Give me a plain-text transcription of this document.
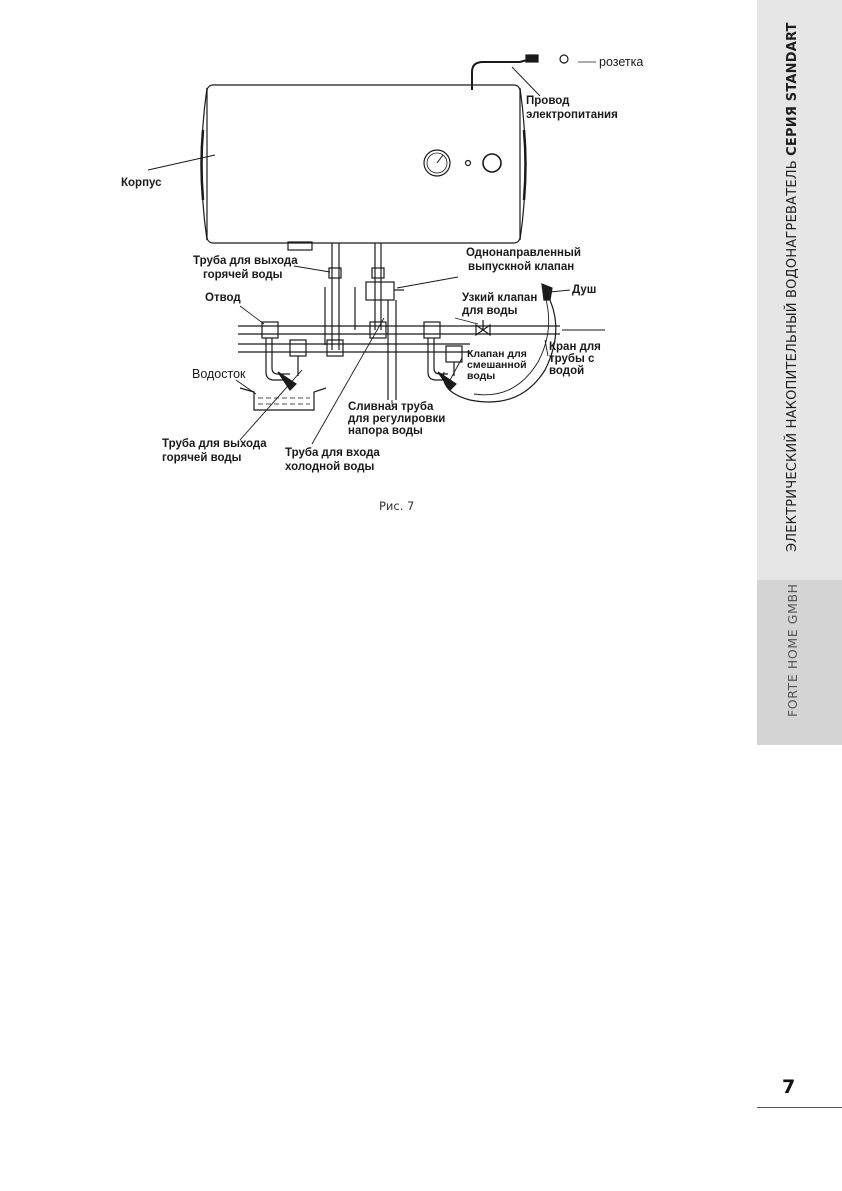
розетка
Провод электропитания
Корпус
Труба для выхода горячей воды
Однонаправленный выпускной клапан
Отвод	Узкий клапан для воды
Душ
Клапан для смешанной воды
Кран для трубы с водой
Водосток
Сливная труба для регулировки напора воды
Труба для выхода горячей воды	Труба для входа холодной воды
Рис. 7	ЭЛЕКТРИЧЕСКИЙ НАКОПИТЕЛЬНЫЙ ВОДОНАГРЕВАТЕЛЬ СЕРИЯ STANDART
FORTE HOME GMBH
7
